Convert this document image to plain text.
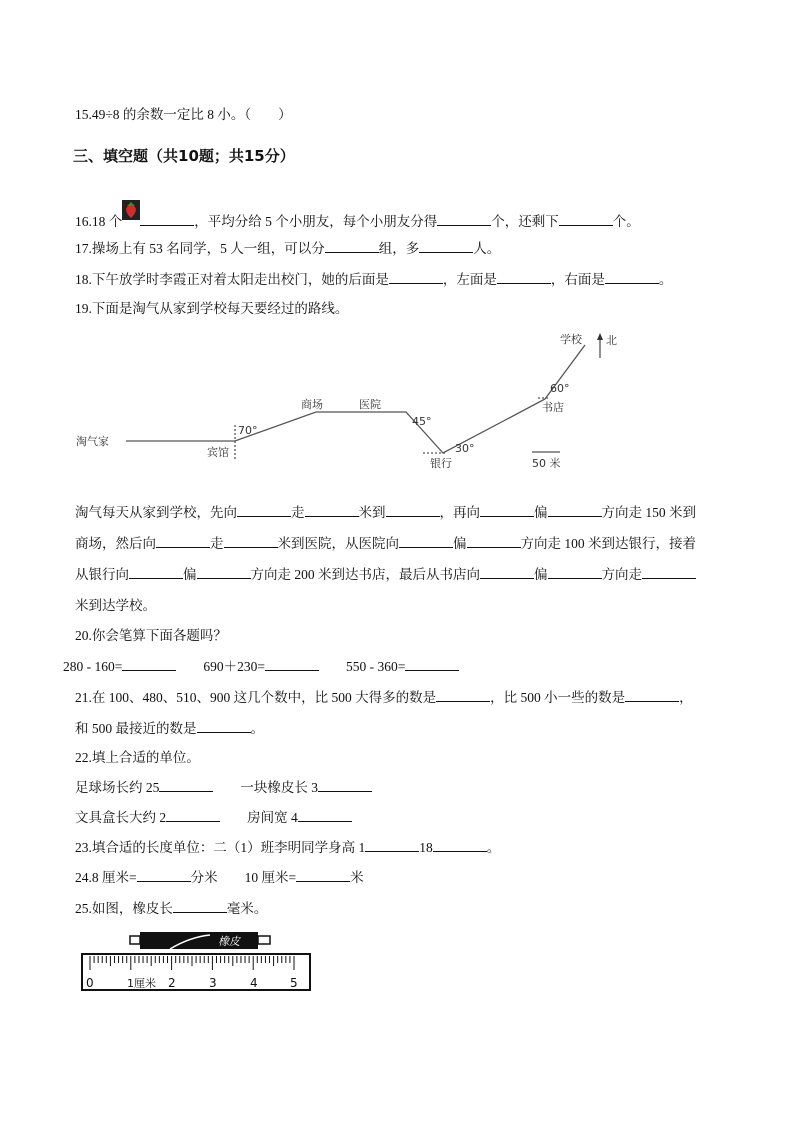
三、填空题（共10题；共15分）
15.49÷8 的余数一定比 8 小。（　　）
16.18 个	，平均分给 5 个小朋友，每个小朋友分得	个，还剩下	个。
17.操场上有 53 名同学，5 人一组，可以分	组，多	人。
18.下午放学时李霞正对着太阳走出校门，她的后面是	，左面是	，右面是	。
19.下面是淘气从家到学校每天要经过的路线。
淘气每天从家到学校，先向	走	米到	，再向	偏	方向走 150 米到
商场，然后向	走	米到医院，从医院向	偏	方向走 100 米到达银行，接着
从银行向	偏	方向走 200 米到达书店，最后从书店向	偏	方向走
米到达学校。
20.你会笔算下面各题吗？
280 - 160=	　　690＋230=	　　550 - 360=
21.在 100、480、510、900 这几个数中，比 500 大得多的数是	，比 500 小一些的数是	，
和 500 最接近的数是	。
22.填上合适的单位。
足球场长约 25	　　一块橡皮长 3
文具盒长大约 2	　　房间宽 4
23.填合适的长度单位：二（1）班李明同学身高 1	18	。
24.8 厘米=	分米　　10 厘米=	米
25.如图，橡皮长	毫米。
淘气家
宾馆
商场	医院
银行
书店
学校
70°
45°
30°
60°
北
50 米
橡皮
0	1厘米 2	3	4	5
